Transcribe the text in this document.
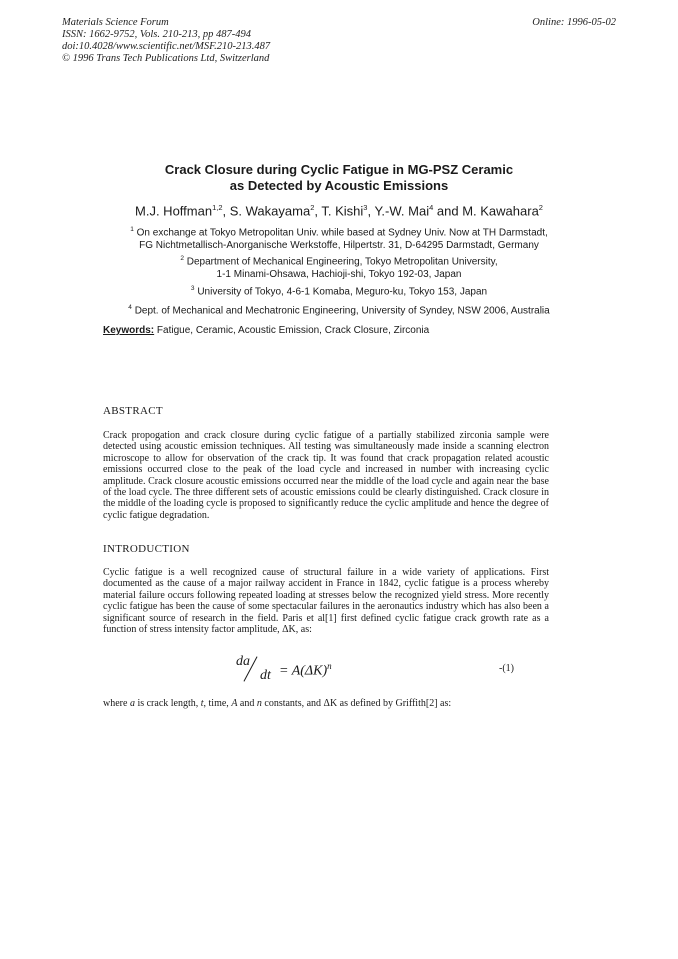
Materials Science Forum
ISSN: 1662-9752, Vols. 210-213, pp 487-494
doi:10.4028/www.scientific.net/MSF.210-213.487
© 1996 Trans Tech Publications Ltd, Switzerland
Online: 1996-05-02
Crack Closure during Cyclic Fatigue in MG-PSZ Ceramic
as Detected by Acoustic Emissions
M.J. Hoffman$^{1,2}$, S. Wakayama$^2$, T. Kishi$^3$, Y.-W. Mai$^4$ and M. Kawahara$^2$
$^1$ On exchange at Tokyo Metropolitan Univ. while based at Sydney Univ. Now at TH Darmstadt,
FG Nichtmetallisch-Anorganische Werkstoffe, Hilpertstr. 31, D-64295 Darmstadt, Germany
$^2$ Department of Mechanical Engineering, Tokyo Metropolitan University,
1-1 Minami-Ohsawa, Hachioji-shi, Tokyo 192-03, Japan
$^3$ University of Tokyo, 4-6-1 Komaba, Meguro-ku, Tokyo 153, Japan
$^4$ Dept. of Mechanical and Mechatronic Engineering, University of Syndey, NSW 2006, Australia
Keywords: Fatigue, Ceramic, Acoustic Emission, Crack Closure, Zirconia
ABSTRACT
Crack propogation and crack closure during cyclic fatigue of a partially stabilized zirconia sample were detected using acoustic emission techniques. All testing was simultaneously made inside a scanning electron microscope to allow for observation of the crack tip. It was found that crack propagation related acoustic emissions occurred close to the peak of the load cycle and increased in number with increasing cyclic amplitude. Crack closure acoustic emissions occurred near the middle of the load cycle and again near the base of the load cycle. The three different sets of acoustic emissions could be clearly distinguished. Crack closure in the middle of the loading cycle is proposed to significantly reduce the cyclic amplitude and hence the degree of cyclic fatigue degradation.
INTRODUCTION
Cyclic fatigue is a well recognized cause of structural failure in a wide variety of applications. First documented as the cause of a major railway accident in France in 1842, cyclic fatigue is a process whereby material failure occurs following repeated loading at stresses below the recognized yield stress. More recently cyclic fatigue has been the cause of some spectacular failures in the aeronautics industry which has also been a significant source of research in the field. Paris et al[1] first defined cyclic fatigue crack growth rate as a function of stress intensity factor amplitude, ΔK, as:
da
dt = $A(\Delta K)^n$	-(1)
where a is crack length, t, time, A and n constants, and ΔK as defined by Griffith[2] as:
